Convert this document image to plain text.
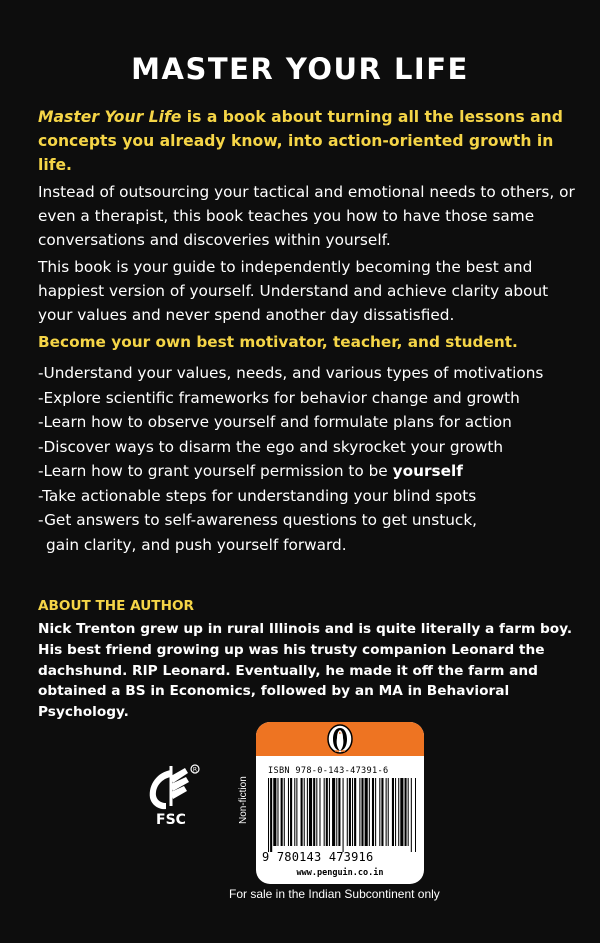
MASTER YOUR LIFE
Master Your Life is a book about turning all the lessons and concepts you already know, into action-oriented growth in life.
Instead of outsourcing your tactical and emotional needs to others, or even a therapist, this book teaches you how to have those same conversations and discoveries within yourself.
This book is your guide to independently becoming the best and happiest version of yourself. Understand and achieve clarity about your values and never spend another day dissatisfied.
Become your own best motivator, teacher, and student.
-Understand your values, needs, and various types of motivations
-Explore scientific frameworks for behavior change and growth
-Learn how to observe yourself and formulate plans for action
-Discover ways to disarm the ego and skyrocket your growth
-Learn how to grant yourself permission to be yourself
-Take actionable steps for understanding your blind spots
-Get answers to self-awareness questions to get unstuck,
gain clarity, and push yourself forward.
ABOUT THE AUTHOR
Nick Trenton grew up in rural Illinois and is quite literally a farm boy. His best friend growing up was his trusty companion Leonard the dachshund. RIP Leonard. Eventually, he made it off the farm and obtained a BS in Economics, followed by an MA in Behavioral Psychology.
R
FSC	Non-fiction
ISBN 978-0-143-47391-6
9 780143 473916
www.penguin.co.in
For sale in the Indian Subcontinent only
